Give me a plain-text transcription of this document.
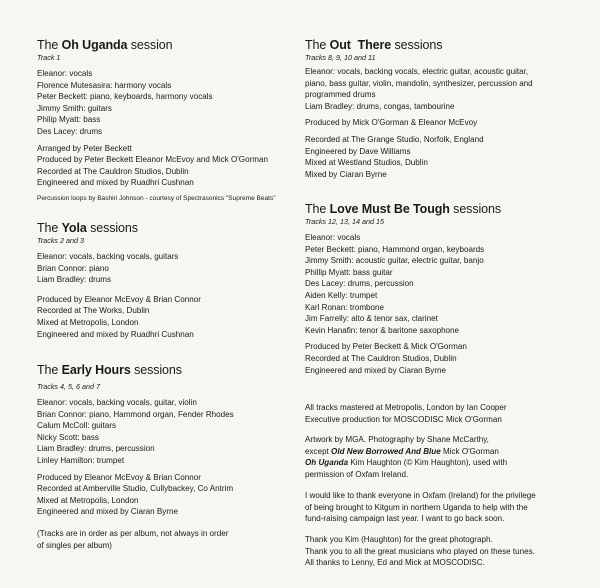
The Oh Uganda session
Track 1
Eleanor: vocals
Florence Mutesasira: harmony vocals
Peter Beckett: piano, keyboards, harmony vocals
Jimmy Smith: guitars
Philip Myatt: bass
Des Lacey: drums
Arranged by Peter Beckett
Produced by Peter Beckett Eleanor McEvoy and Mick O'Gorman
Recorded at The Cauldron Studios, Dublin
Engineered and mixed by Ruadhri Cushnan
Percussion loops by Bashiri Johnson - courtesy of Spectrasonics "Supreme Beats"
The Yola sessions
Tracks 2 and 3
Eleanor: vocals, backing vocals, guitars
Brian Connor: piano
Liam Bradley: drums
Produced by Eleanor McEvoy & Brian Connor
Recorded at The Works, Dublin
Mixed at Metropolis, London
Engineered and mixed by Ruadhri Cushnan
The Early Hours sessions
Tracks 4, 5, 6 and 7
Eleanor: vocals, backing vocals, guitar, violin
Brian Connor: piano, Hammond organ, Fender Rhodes
Calum McColl: guitars
Nicky Scott: bass
Liam Bradley: drums, percussion
Linley Hamilton: trumpet
Produced by Eleanor McEvoy & Brian Connor
Recorded at Amberville Studio, Cullybackey, Co Antrim
Mixed at Metropolis, London
Engineered and mixed by Ciaran Byrne
(Tracks are in order as per album, not always in order
of singles per album)
The Out  There sessions
Tracks 8, 9, 10 and 11
Eleanor: vocals, backing vocals, electric guitar, acoustic guitar,
piano, bass guitar, violin, mandolin, synthesizer, percussion and
programmed drums
Liam Bradley: drums, congas, tambourine
Produced by Mick O'Gorman & Eleanor McEvoy
Recorded at The Grange Studio, Norfolk, England
Engineered by Dave Williams
Mixed at Westland Studios, Dublin
Mixed by Ciaran Byrne
The Love Must Be Tough sessions
Tracks 12, 13, 14 and 15
Eleanor: vocals
Peter Beckett: piano, Hammond organ, keyboards
Jimmy Smith: acoustic guitar, electric guitar, banjo
Phillip Myatt: bass guitar
Des Lacey: drums, percussion
Aiden Kelly: trumpet
Karl Ronan: trombone
Jim Farrelly: alto & tenor sax, clarinet
Kevin Hanafin: tenor & baritone saxophone
Produced by Peter Beckett & Mick O'Gorman
Recorded at The Cauldron Studios, Dublin
Engineered and mixed by Ciaran Byrne
All tracks mastered at Metropolis, London by Ian Cooper
Executive production for MOSCODISC Mick O'Gorman
Artwork by MGA. Photography by Shane McCarthy,
except Old New Borrowed And Blue Mick O'Gorman
Oh Uganda Kim Haughton (© Kim Haughton), used with
permission of Oxfam Ireland.
I would like to thank everyone in Oxfam (Ireland) for the privilege
of being brought to Kitgum in northern Uganda to help with the
fund-raising campaign last year. I want to go back soon.
Thank you Kim (Haughton) for the great photograph.
Thank you to all the great musicians who played on these tunes.
All thanks to Lenny, Ed and Mick at MOSCODISC.
